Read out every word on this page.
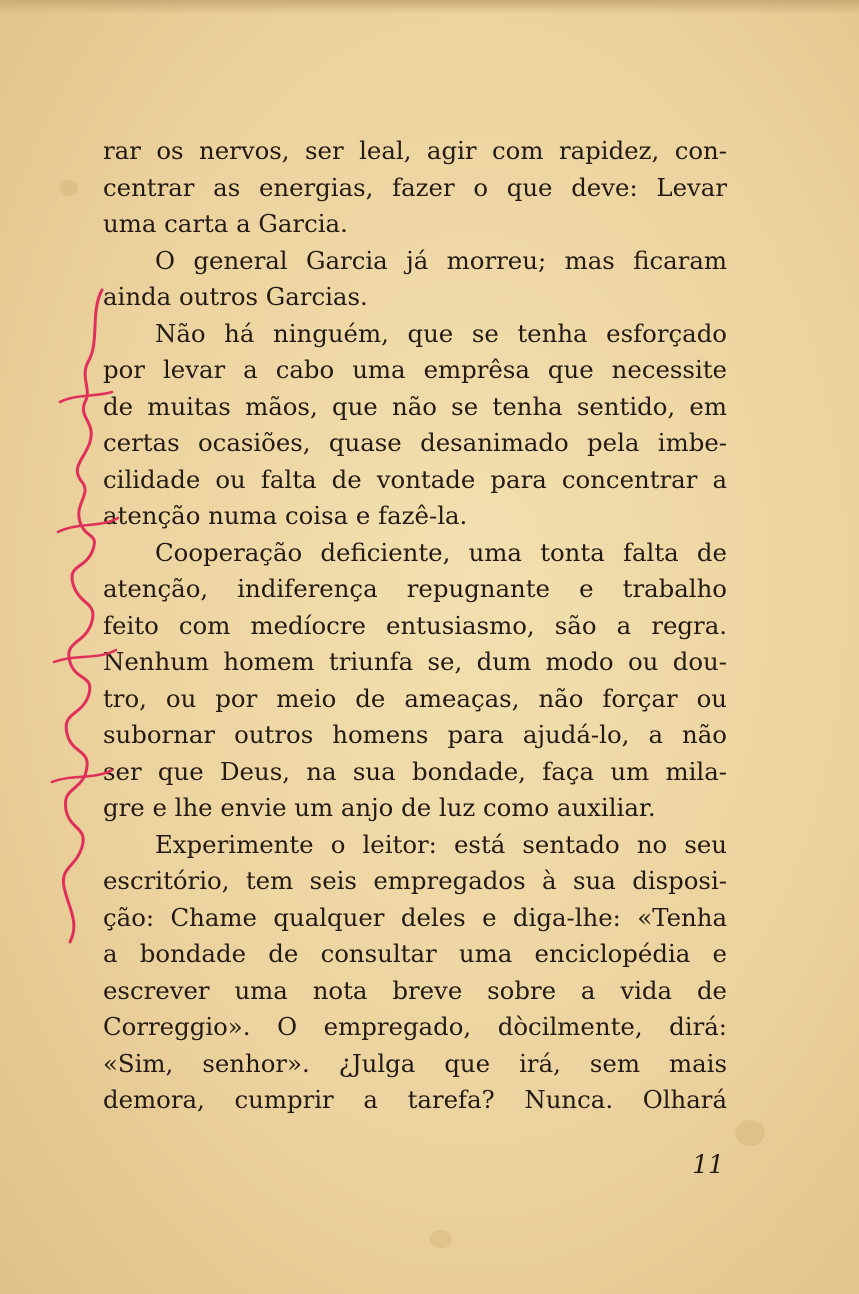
rar os nervos, ser leal, agir com rapidez, con-
centrar as energias, fazer o que deve: Levar
uma carta a Garcia.
O general Garcia já morreu; mas ficaram
ainda outros Garcias.
Não há ninguém, que se tenha esforçado
por levar a cabo uma emprêsa que necessite
de muitas mãos, que não se tenha sentido, em
certas ocasiões, quase desanimado pela imbe-
cilidade ou falta de vontade para concentrar a
atenção numa coisa e fazê-la.
Cooperação deficiente, uma tonta falta de
atenção, indiferença repugnante e trabalho
feito com medíocre entusiasmo, são a regra.
Nenhum homem triunfa se, dum modo ou dou-
tro, ou por meio de ameaças, não forçar ou
subornar outros homens para ajudá-lo, a não
ser que Deus, na sua bondade, faça um mila-
gre e lhe envie um anjo de luz como auxiliar.
Experimente o leitor: está sentado no seu
escritório, tem seis empregados à sua disposi-
ção: Chame qualquer deles e diga-lhe: «Tenha
a bondade de consultar uma enciclopédia e
escrever uma nota breve sobre a vida de
Correggio». O empregado, dòcilmente, dirá:
«Sim, senhor». ¿Julga que irá, sem mais
demora, cumprir a tarefa? Nunca. Olhará
11
